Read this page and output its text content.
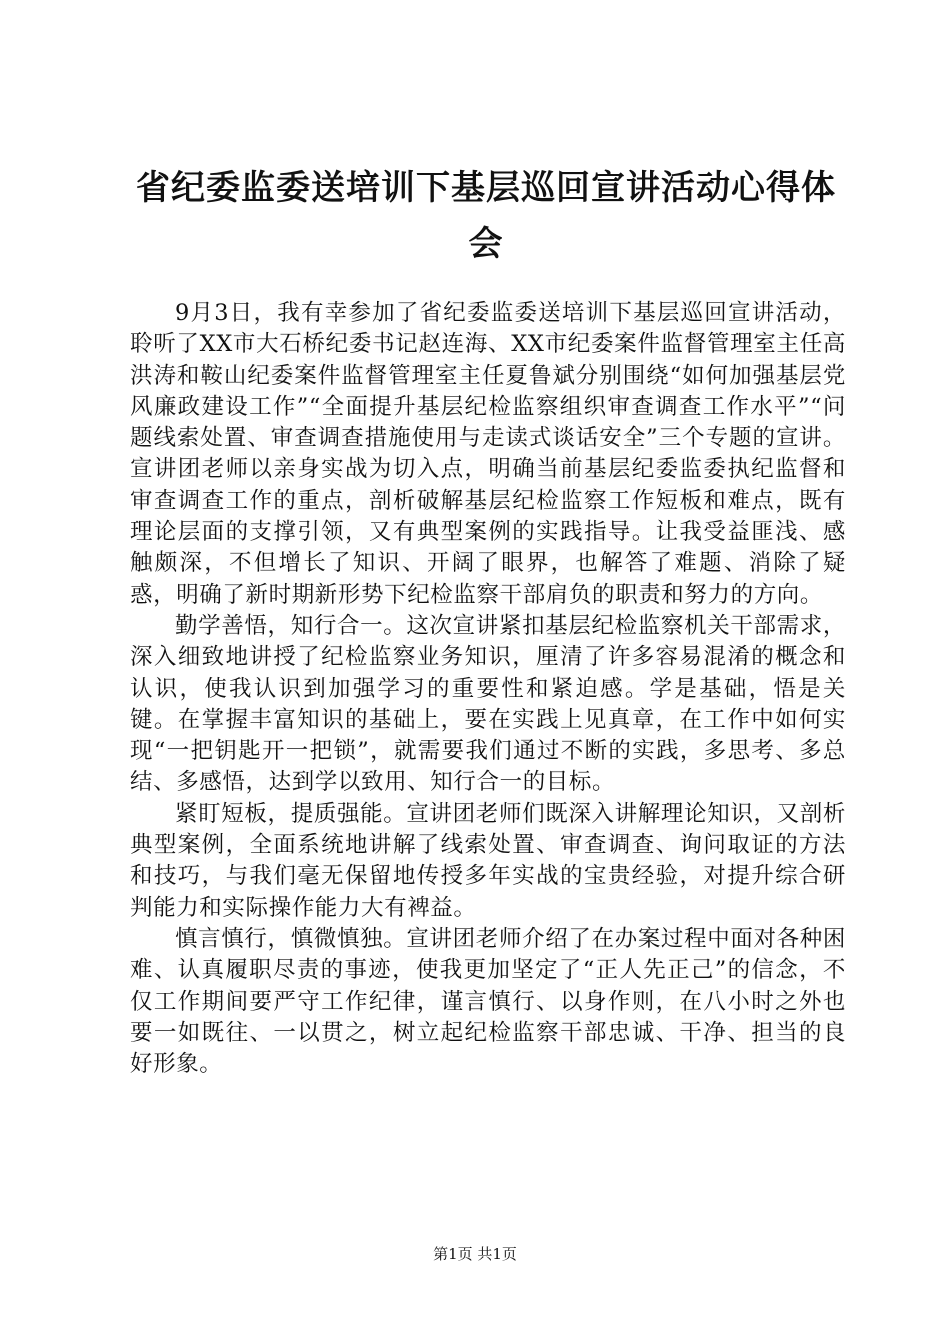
省纪委监委送培训下基层巡回宣讲活动心得体会

9月3日，我有幸参加了省纪委监委送培训下基层巡回宣讲活动，聆听了XX市大石桥纪委书记赵连海、XX市纪委案件监督管理室主任高洪涛和鞍山纪委案件监督管理室主任夏鲁斌分别围绕“如何加强基层党风廉政建设工作”“全面提升基层纪检监察组织审查调查工作水平”“问题线索处置、审查调查措施使用与走读式谈话安全”三个专题的宣讲。宣讲团老师以亲身实战为切入点，明确当前基层纪委监委执纪监督和审查调查工作的重点，剖析破解基层纪检监察工作短板和难点，既有理论层面的支撑引领，又有典型案例的实践指导。让我受益匪浅、感触颇深，不但增长了知识、开阔了眼界，也解答了难题、消除了疑惑，明确了新时期新形势下纪检监察干部肩负的职责和努力的方向。

勤学善悟，知行合一。这次宣讲紧扣基层纪检监察机关干部需求，深入细致地讲授了纪检监察业务知识，厘清了许多容易混淆的概念和认识，使我认识到加强学习的重要性和紧迫感。学是基础，悟是关键。在掌握丰富知识的基础上，要在实践上见真章，在工作中如何实现“一把钥匙开一把锁”，就需要我们通过不断的实践，多思考、多总结、多感悟，达到学以致用、知行合一的目标。

紧盯短板，提质强能。宣讲团老师们既深入讲解理论知识，又剖析典型案例，全面系统地讲解了线索处置、审查调查、询问取证的方法和技巧，与我们毫无保留地传授多年实战的宝贵经验，对提升综合研判能力和实际操作能力大有裨益。

慎言慎行，慎微慎独。宣讲团老师介绍了在办案过程中面对各种困难、认真履职尽责的事迹，使我更加坚定了“正人先正己”的信念，不仅工作期间要严守工作纪律，谨言慎行、以身作则，在八小时之外也要一如既往、一以贯之，树立起纪检监察干部忠诚、干净、担当的良好形象。

第1页 共1页
